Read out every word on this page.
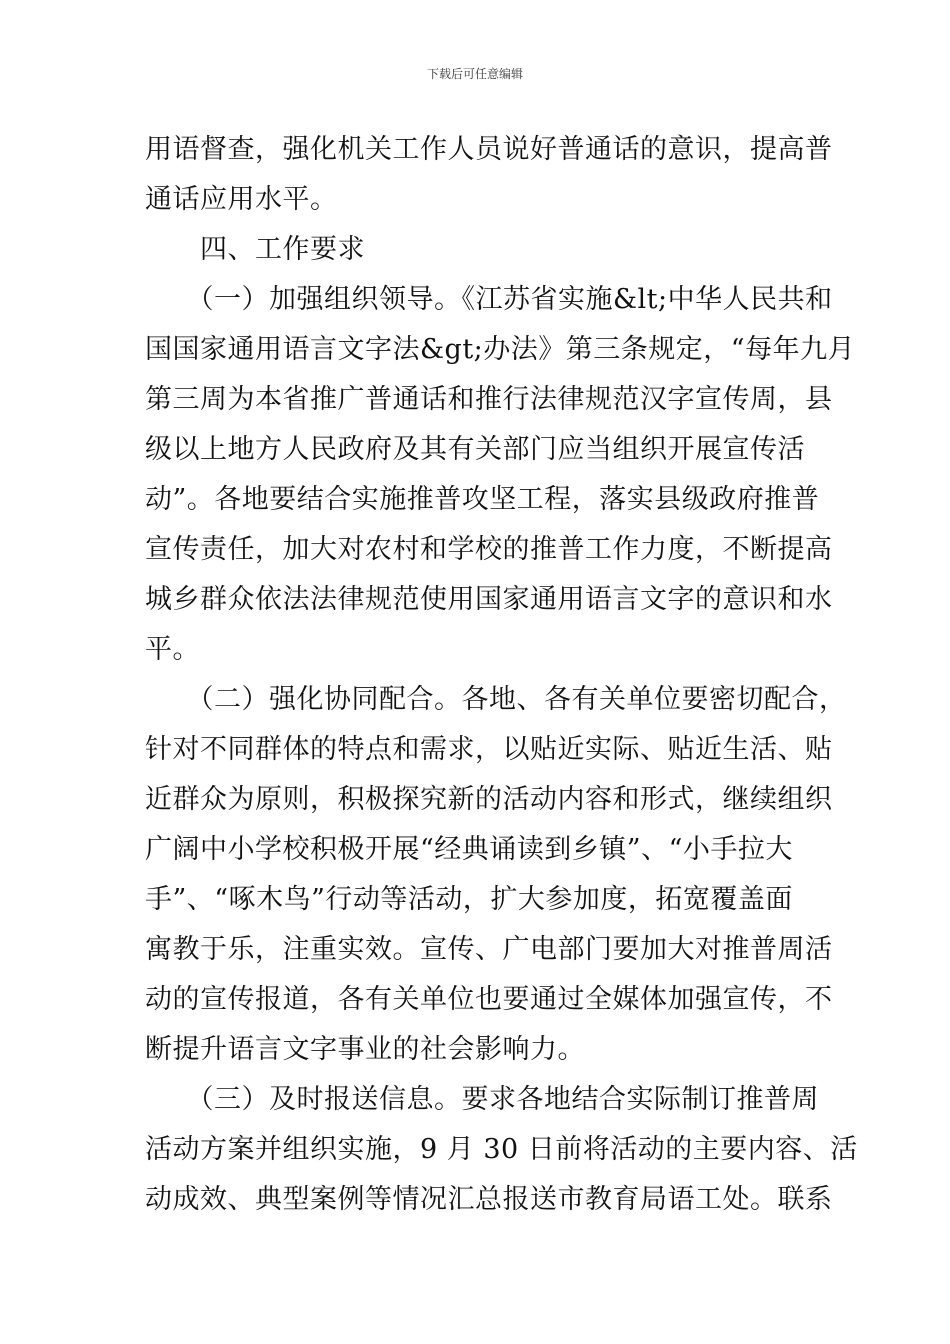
下载后可任意编辑
用语督查，强化机关工作人员说好普通话的意识，提高普
通话应用水平。
　　四、工作要求
　　（一）加强组织领导。《江苏省实施&lt;中华人民共和
国国家通用语言文字法&gt;办法》第三条规定，“每年九月
第三周为本省推广普通话和推行法律规范汉字宣传周，县
级以上地方人民政府及其有关部门应当组织开展宣传活
动”。各地要结合实施推普攻坚工程，落实县级政府推普
宣传责任，加大对农村和学校的推普工作力度，不断提高
城乡群众依法法律规范使用国家通用语言文字的意识和水
平。
　　（二）强化协同配合。各地、各有关单位要密切配合，
针对不同群体的特点和需求，以贴近实际、贴近生活、贴
近群众为原则，积极探究新的活动内容和形式，继续组织
广阔中小学校积极开展“经典诵读到乡镇”、“小手拉大
手”、“啄木鸟”行动等活动，扩大参加度，拓宽覆盖面
寓教于乐，注重实效。宣传、广电部门要加大对推普周活
动的宣传报道，各有关单位也要通过全媒体加强宣传，不
断提升语言文字事业的社会影响力。
　　（三）及时报送信息。要求各地结合实际制订推普周
活动方案并组织实施，9 月 30 日前将活动的主要内容、活
动成效、典型案例等情况汇总报送市教育局语工处。联系
